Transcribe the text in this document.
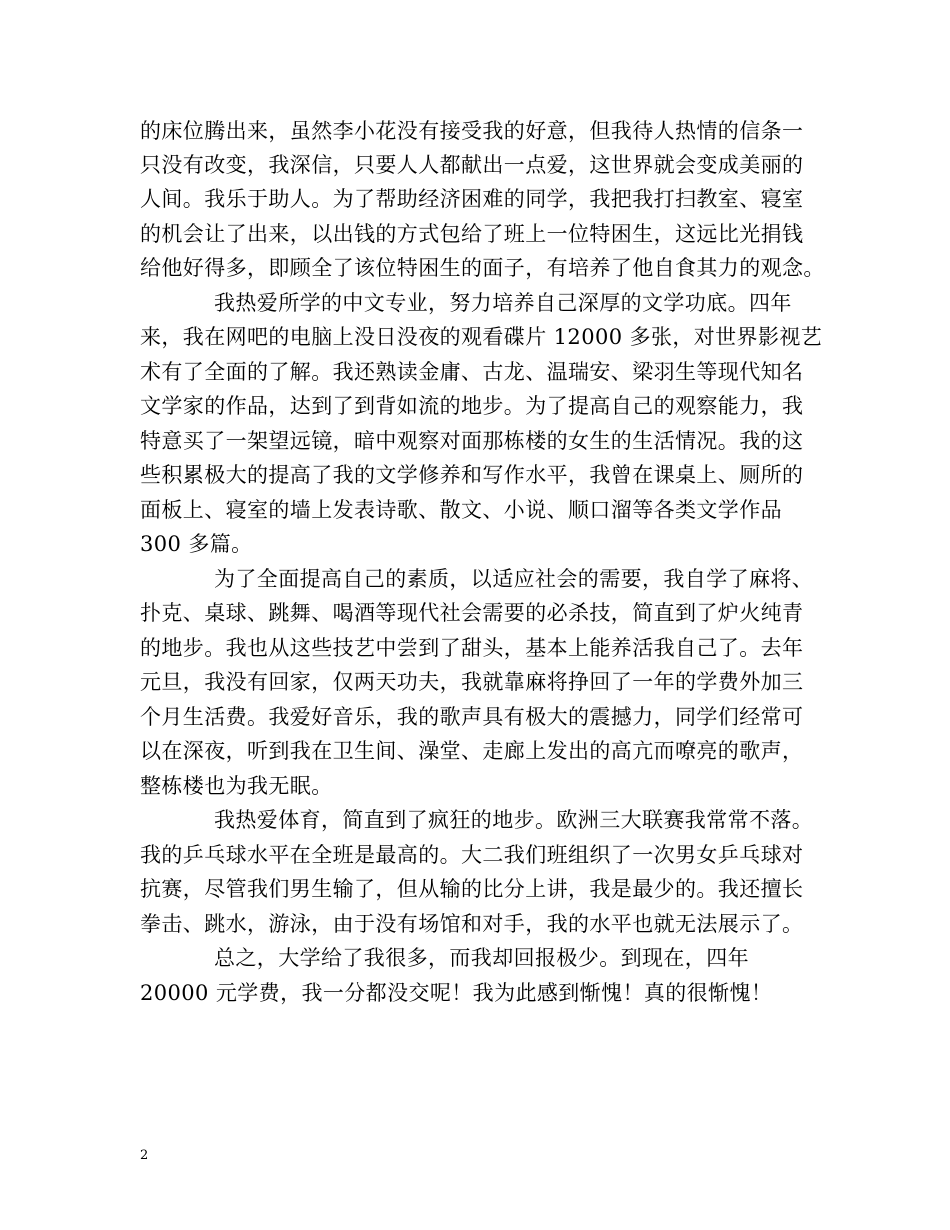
的床位腾出来，虽然李小花没有接受我的好意，但我待人热情的信条一
只没有改变，我深信，只要人人都献出一点爱，这世界就会变成美丽的
人间。我乐于助人。为了帮助经济困难的同学，我把我打扫教室、寝室
的机会让了出来，以出钱的方式包给了班上一位特困生，这远比光捐钱
给他好得多，即顾全了该位特困生的面子，有培养了他自食其力的观念。
我热爱所学的中文专业，努力培养自己深厚的文学功底。四年
来，我在网吧的电脑上没日没夜的观看碟片 12000 多张，对世界影视艺
术有了全面的了解。我还熟读金庸、古龙、温瑞安、梁羽生等现代知名
文学家的作品，达到了到背如流的地步。为了提高自己的观察能力，我
特意买了一架望远镜，暗中观察对面那栋楼的女生的生活情况。我的这
些积累极大的提高了我的文学修养和写作水平，我曾在课桌上、厕所的
面板上、寝室的墙上发表诗歌、散文、小说、顺口溜等各类文学作品
300 多篇。
为了全面提高自己的素质，以适应社会的需要，我自学了麻将、
扑克、桌球、跳舞、喝酒等现代社会需要的必杀技，简直到了炉火纯青
的地步。我也从这些技艺中尝到了甜头，基本上能养活我自己了。去年
元旦，我没有回家，仅两天功夫，我就靠麻将挣回了一年的学费外加三
个月生活费。我爱好音乐，我的歌声具有极大的震撼力，同学们经常可
以在深夜，听到我在卫生间、澡堂、走廊上发出的高亢而嘹亮的歌声，
整栋楼也为我无眠。
我热爱体育，简直到了疯狂的地步。欧洲三大联赛我常常不落。
我的乒乓球水平在全班是最高的。大二我们班组织了一次男女乒乓球对
抗赛，尽管我们男生输了，但从输的比分上讲，我是最少的。我还擅长
拳击、跳水，游泳，由于没有场馆和对手，我的水平也就无法展示了。
总之，大学给了我很多，而我却回报极少。到现在，四年
20000 元学费，我一分都没交呢！我为此感到惭愧！真的很惭愧！
2
